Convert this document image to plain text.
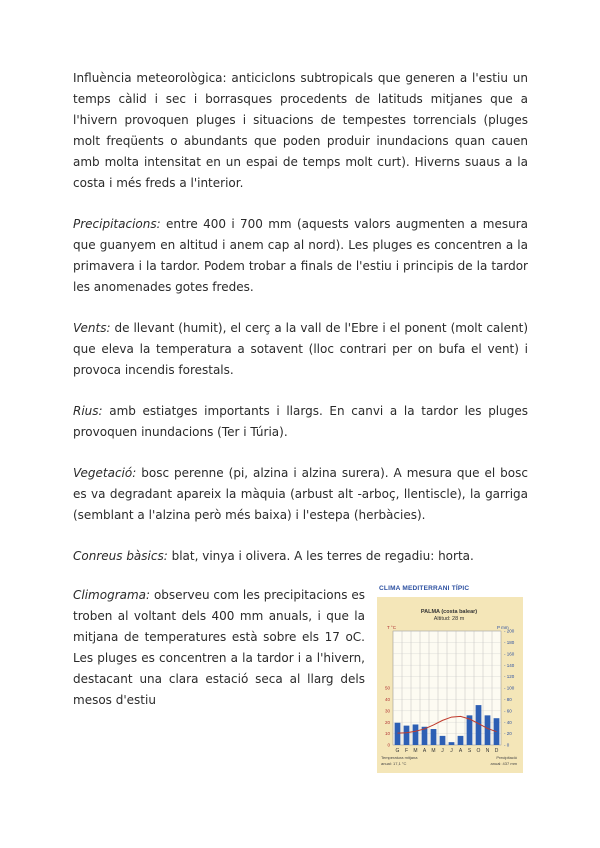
Influència meteorològica: anticiclons subtropicals que generen a l'estiu un temps càlid i sec i borrasques procedents de latituds mitjanes que a l'hivern provoquen pluges i situacions de tempestes torrencials (pluges molt freqüents o abundants que poden produir inundacions quan cauen amb molta intensitat en un espai de temps molt curt). Hiverns suaus a la costa i més freds a l'interior.

Precipitacions: entre 400 i 700 mm (aquests valors augmenten a mesura que guanyem en altitud i anem cap al nord). Les pluges es concentren a la primavera i la tardor. Podem trobar a finals de l'estiu i principis de la tardor les anomenades gotes fredes.

Vents: de llevant (humit), el cerç a la vall de l'Ebre i el ponent (molt calent) que eleva la temperatura a sotavent (lloc contrari per on bufa el vent) i provoca incendis forestals.

Rius: amb estiatges importants i llargs. En canvi a la tardor les pluges provoquen inundacions (Ter i Túria).

Vegetació: bosc perenne (pi, alzina i alzina surera). A mesura que el bosc es va degradant apareix la màquia (arbust alt -arboç, llentiscle), la garriga (semblant a l'alzina però més baixa) i l'estepa (herbàcies).

Conreus bàsics: blat, vinya i olivera. A les terres de regadiu: horta.

Climograma: observeu com les precipitacions es troben al voltant dels 400 mm anuals, i que la mitjana de temperatures està sobre els 17 oC. Les pluges es concentren a la tardor i a l'hivern, destacant una clara estació seca al llarg dels mesos d'estiu

CLIMA MEDITERRANI TÍPIC
PALMA (costa balear)
Altitud: 28 m
T °C	P mm
- 200
- 180
- 160
- 140
- 120
- 100
- 80
- 60
- 40
- 20
- 0
50
40
30
20
10
0
G F M A M J J A S O N D
Temperatura mitjana
anual: 17,1 °C
Precipitació
anual: 437 mm
